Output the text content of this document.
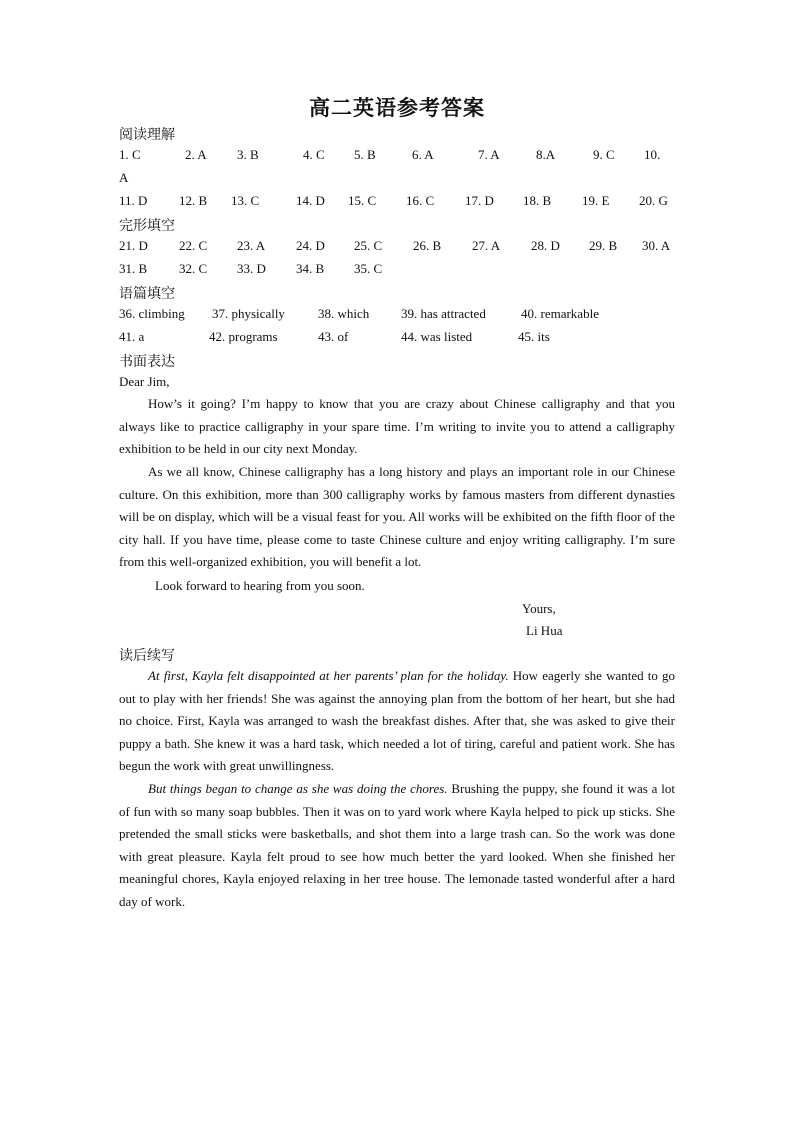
高二英语参考答案
阅读理解
1. C	2. A 3. B	4. C 5. B	6. A	7. A	8.A	9. C 10.
A
11. D 12. B 13. C	14. D 15. C 16. C 17. D 18. B 19. E 20. G
完形填空
21. D 22. C 23. A 24. D 25. C 26. B 27. A 28. D 29. B 30. A
31. B 32. C 33. D 34. B 35. C
语篇填空
36. climbing 37. physically	38. which 39. has attracted	40. remarkable
41. a	42. programs	43. of	44. was listed	45. its
书面表达
Dear Jim,

How’s it going? I’m happy to know that you are crazy about Chinese calligraphy and that you always like to practice calligraphy in your spare time. I’m writing to invite you to attend a calligraphy exhibition to be held in our city next Monday.

As we all know, Chinese calligraphy has a long history and plays an important role in our Chinese culture. On this exhibition, more than 300 calligraphy works by famous masters from different dynasties will be on display, which will be a visual feast for you. All works will be exhibited on the fifth floor of the city hall. If you have time, please come to taste Chinese culture and enjoy writing calligraphy. I’m sure from this well-organized exhibition, you will benefit a lot.

Look forward to hearing from you soon.
Yours,
Li Hua
读后续写

At first, Kayla felt disappointed at her parents’ plan for the holiday. How eagerly she wanted to go out to play with her friends! She was against the annoying plan from the bottom of her heart, but she had no choice. First, Kayla was arranged to wash the breakfast dishes. After that, she was asked to give their puppy a bath. She knew it was a hard task, which needed a lot of tiring, careful and patient work. She has begun the work with great unwillingness.

But things began to change as she was doing the chores. Brushing the puppy, she found it was a lot of fun with so many soap bubbles. Then it was on to yard work where Kayla helped to pick up sticks. She pretended the small sticks were basketballs, and shot them into a large trash can. So the work was done with great pleasure. Kayla felt proud to see how much better the yard looked. When she finished her meaningful chores, Kayla enjoyed relaxing in her tree house. The lemonade tasted wonderful after a hard day of work.
